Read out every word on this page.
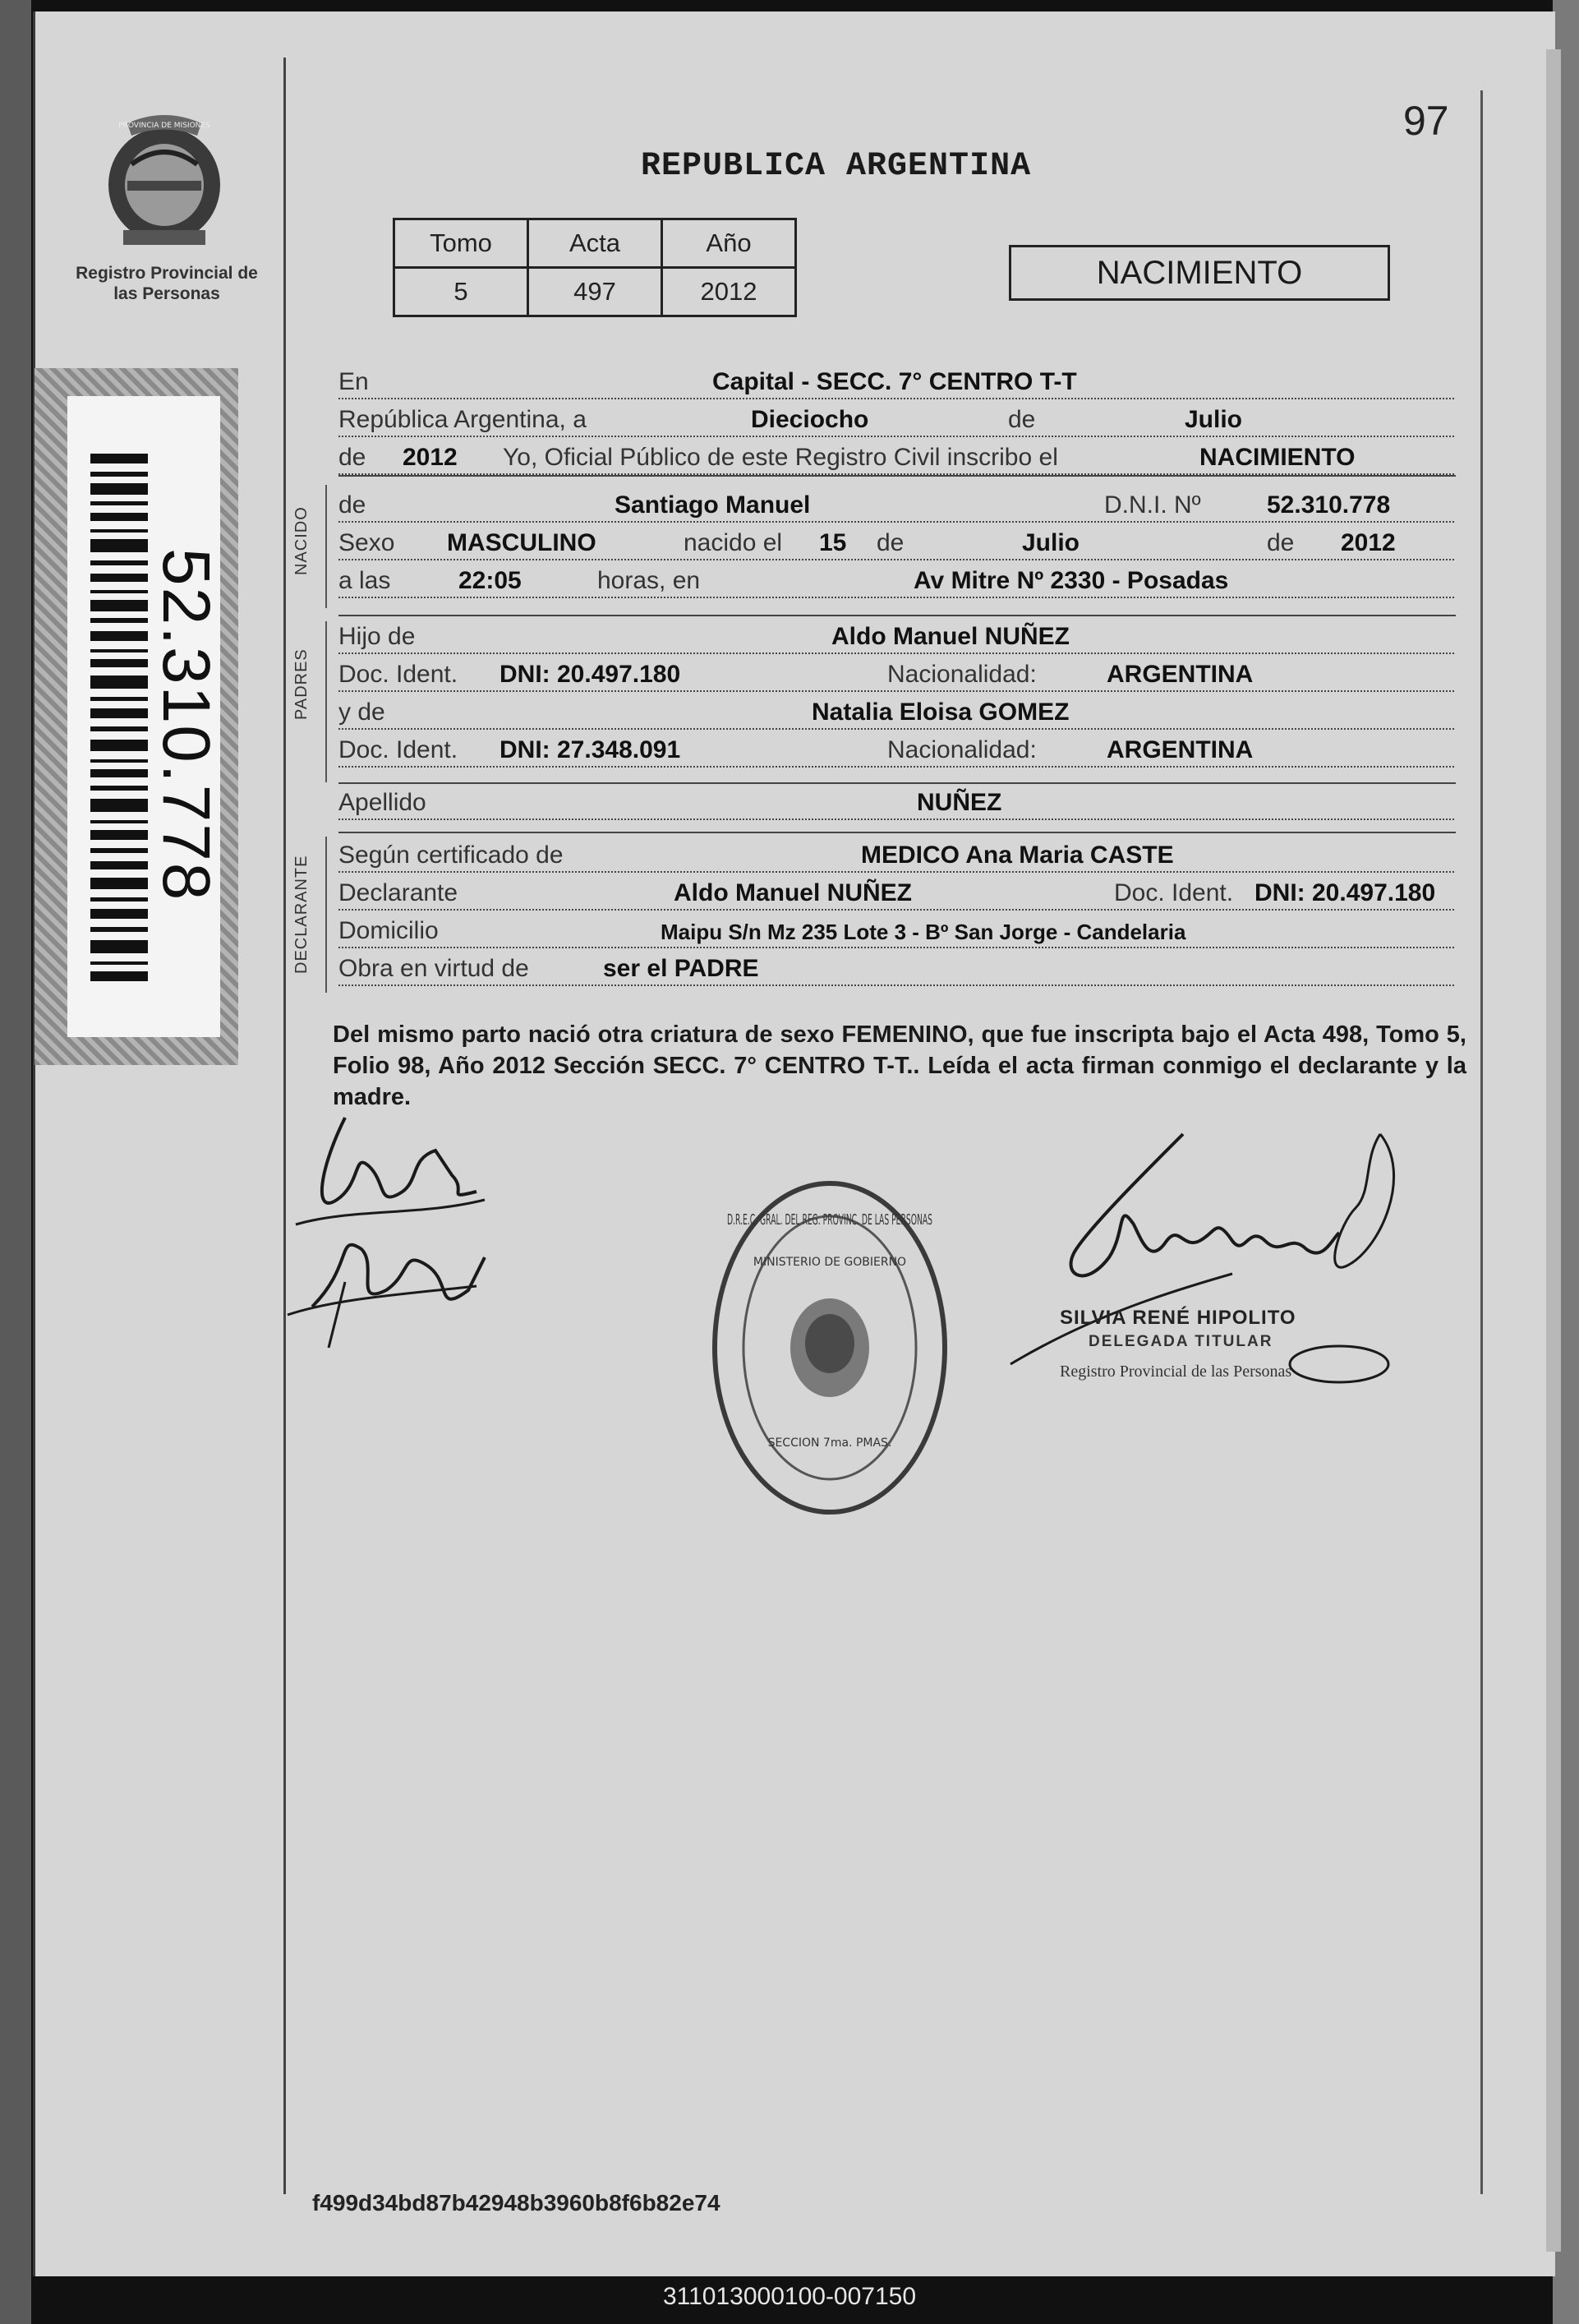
PROVINCIA DE MISIONES
Registro Provincial de las Personas
52.310.778
97
REPUBLICA ARGENTINA
Tomo	Acta	Año
5	497	2012
NACIMIENTO
En	Capital - SECC. 7° CENTRO T-T
República Argentina, a	Dieciocho	de	Julio
de 2012 Yo, Oficial Público de este Registro Civil inscribo el	NACIMIENTO
NACIDO
de	Santiago Manuel	D.N.I. Nº	52.310.778
Sexo MASCULINO	nacido el 15 de	Julio	de 2012
a las	22:05	horas, en	Av Mitre Nº 2330 - Posadas
PADRES
Hijo de	Aldo Manuel NUÑEZ
Doc. Ident. DNI: 20.497.180	Nacionalidad:	ARGENTINA
y de	Natalia Eloisa GOMEZ
Doc. Ident. DNI: 27.348.091	Nacionalidad:	ARGENTINA
Apellido	NUÑEZ
DECLARANTE
Según certificado de	MEDICO Ana Maria CASTE
Declarante	Aldo Manuel NUÑEZ	Doc. Ident. DNI: 20.497.180
Domicilio	Maipu S/n Mz 235 Lote 3 - Bº San Jorge - Candelaria
Obra en virtud de	ser el PADRE
Del mismo parto nació otra criatura de sexo FEMENINO, que fue inscripta bajo el Acta 498, Tomo 5, Folio 98, Año 2012 Sección SECC. 7° CENTRO T-T.. Leída el acta firman conmigo el declarante y la madre.
D.R.E.C. GRAL. DEL REG. PROVINC. DE LAS PERSONAS
MINISTERIO DE GOBIERNO
SECCION 7ma. PMAS.
SILVIA RENÉ HIPOLITO
DELEGADA TITULAR
Registro Provincial de las Personas
f499d34bd87b42948b3960b8f6b82e74
311013000100-007150
